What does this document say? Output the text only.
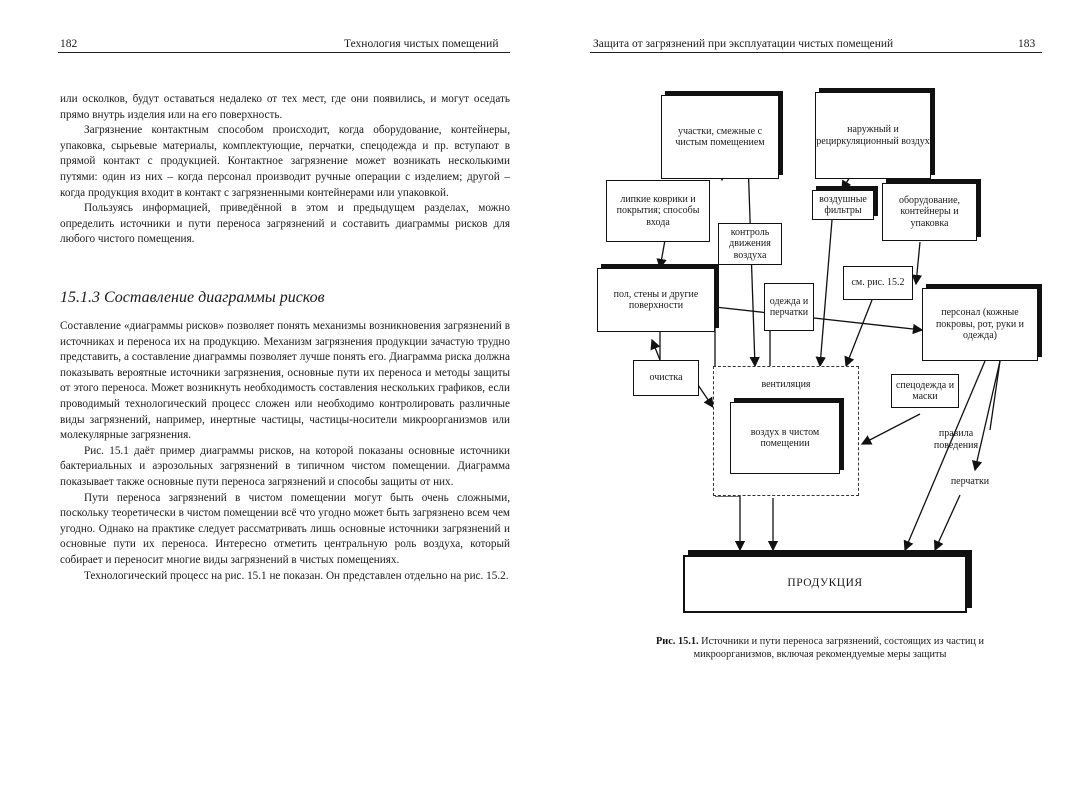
182	Технология чистых помещений

или осколков, будут оставаться недалеко от тех мест, где они появились, и могут оседать прямо внутрь изделия или на его поверхность.

Загрязнение контактным способом происходит, когда оборудование, контейнеры, упаковка, сырьевые материалы, комплектующие, перчатки, спецодежда и пр. вступают в прямой контакт с продукцией. Контактное загрязнение может возникать несколькими путями: один из них – когда персонал производит ручные операции с изделием; другой – когда продукция входит в контакт с загрязненными контейнерами или упаковкой.

Пользуясь информацией, приведённой в этом и предыдущем разделах, можно определить источники и пути переноса загрязнений и составить диаграммы рисков для любого чистого помещения.

15.1.3 Составление диаграммы рисков

Составление «диаграммы рисков» позволяет понять механизмы возникновения загрязнений в источниках и переноса их на продукцию. Механизм загрязнения продукции зачастую трудно представить, а составление диаграммы позволяет лучше понять его. Диаграмма риска должна показывать вероятные источники загрязнения, основные пути их переноса и методы защиты от этого переноса. Может возникнуть необходимость составления нескольких графиков, если проводимый технологический процесс сложен или необходимо контролировать различные виды загрязнений, например, инертные частицы, частицы-носители микроорганизмов или молекулярные загрязнения.

Рис. 15.1 даёт пример диаграммы рисков, на которой показаны основные источники бактериальных и аэрозольных загрязнений в типичном чистом помещении. Диаграмма показывает также основные пути переноса загрязнений и способы защиты от них.

Пути переноса загрязнений в чистом помещении могут быть очень сложными, поскольку теоретически в чистом помещении всё что угодно может быть загрязнено всем чем угодно. Однако на практике следует рассматривать лишь основные источники загрязнений и основные пути их переноса. Интересно отметить центральную роль воздуха, который собирает и переносит многие виды загрязнений в чистых помещениях.

Технологический процесс на рис. 15.1 не показан. Он представлен отдельно на рис. 15.2.

Защита от загрязнений при эксплуатации чистых помещений	183
участки, смежные с чистым помещением
наружный и рециркуляционный воздух
липкие коврики и покрытия; способы входа
воздушные фильтры
оборудование, контейнеры и упаковка
контроль движения воздуха
пол, стены и другие поверхности	одежда и перчатки
см. рис. 15.2
персонал (кожные покровы, рот, руки и одежда)
очистка
вентиляция
воздух в чистом помещении
спецодежда и маски
правила поведения
перчатки
ПРОДУКЦИЯ
Рис. 15.1. Источники и пути переноса загрязнений, состоящих из частиц и микроорганизмов, включая рекомендуемые меры защиты
